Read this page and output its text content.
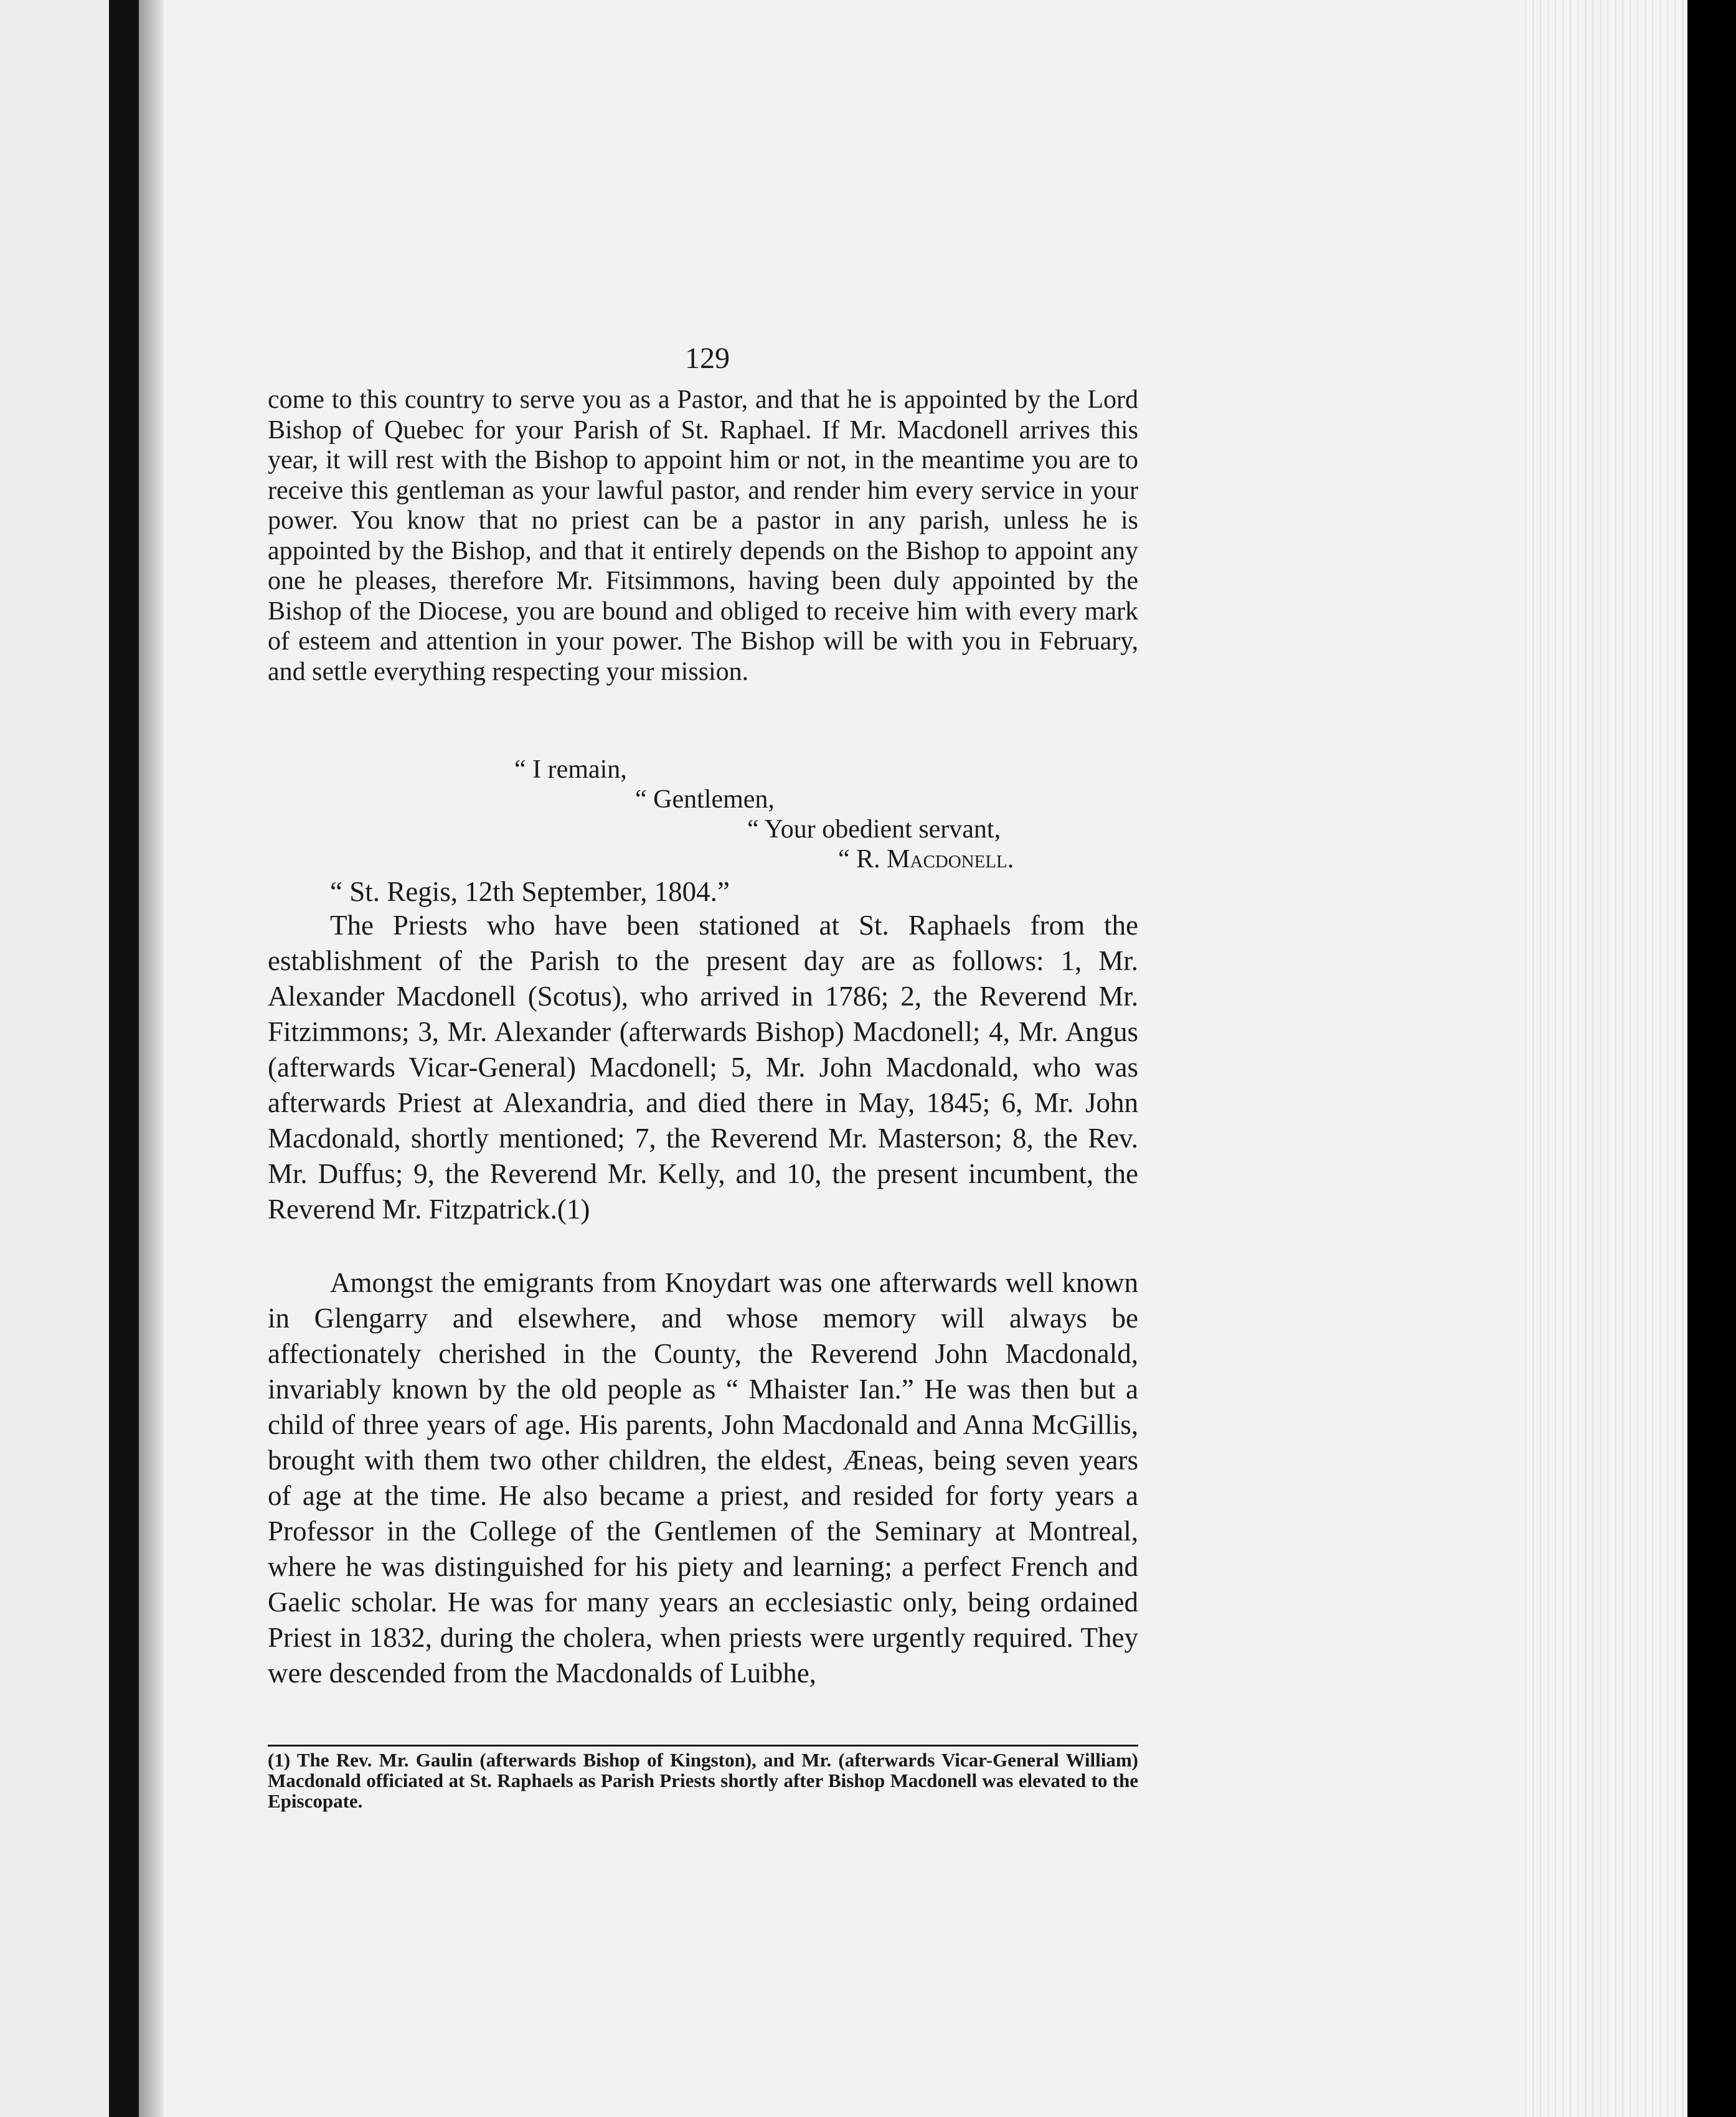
129
come to this country to serve you as a Pastor, and that he is appointed by the Lord Bishop of Quebec for your Parish of St. Raphael. If Mr. Macdonell arrives this year, it will rest with the Bishop to appoint him or not, in the meantime you are to receive this gentleman as your lawful pastor, and render him every service in your power. You know that no priest can be a pastor in any parish, unless he is appointed by the Bishop, and that it entirely depends on the Bishop to appoint any one he pleases, therefore Mr. Fitsimmons, having been duly appointed by the Bishop of the Diocese, you are bound and obliged to receive him with every mark of esteem and attention in your power. The Bishop will be with you in February, and settle everything respecting your mission.
“ I remain,
“ Gentlemen,
“ Your obedient servant,
“ R. Macdonell.
“ St. Regis, 12th September, 1804.”
The Priests who have been stationed at St. Raphaels from the establishment of the Parish to the present day are as follows: 1, Mr. Alexander Macdonell (Scotus), who arrived in 1786; 2, the Reverend Mr. Fitzimmons; 3, Mr. Alexander (afterwards Bishop) Macdonell; 4, Mr. Angus (afterwards Vicar-General) Macdonell; 5, Mr. John Macdonald, who was afterwards Priest at Alexandria, and died there in May, 1845; 6, Mr. John Macdonald, shortly mentioned; 7, the Reverend Mr. Masterson; 8, the Rev. Mr. Duffus; 9, the Reverend Mr. Kelly, and 10, the present incumbent, the Reverend Mr. Fitzpatrick.(1)
Amongst the emigrants from Knoydart was one afterwards well known in Glengarry and elsewhere, and whose memory will always be affectionately cherished in the County, the Reverend John Macdonald, invariably known by the old people as “ Mhaister Ian.” He was then but a child of three years of age. His parents, John Macdonald and Anna McGillis, brought with them two other children, the eldest, Æneas, being seven years of age at the time. He also became a priest, and resided for forty years a Professor in the College of the Gentlemen of the Seminary at Montreal, where he was distinguished for his piety and learning; a perfect French and Gaelic scholar. He was for many years an ecclesiastic only, being ordained Priest in 1832, during the cholera, when priests were urgently required. They were descended from the Macdonalds of Luibhe,
(1) The Rev. Mr. Gaulin (afterwards Bishop of Kingston), and Mr. (afterwards Vicar-General William) Macdonald officiated at St. Raphaels as Parish Priests shortly after Bishop Macdonell was elevated to the Episcopate.
